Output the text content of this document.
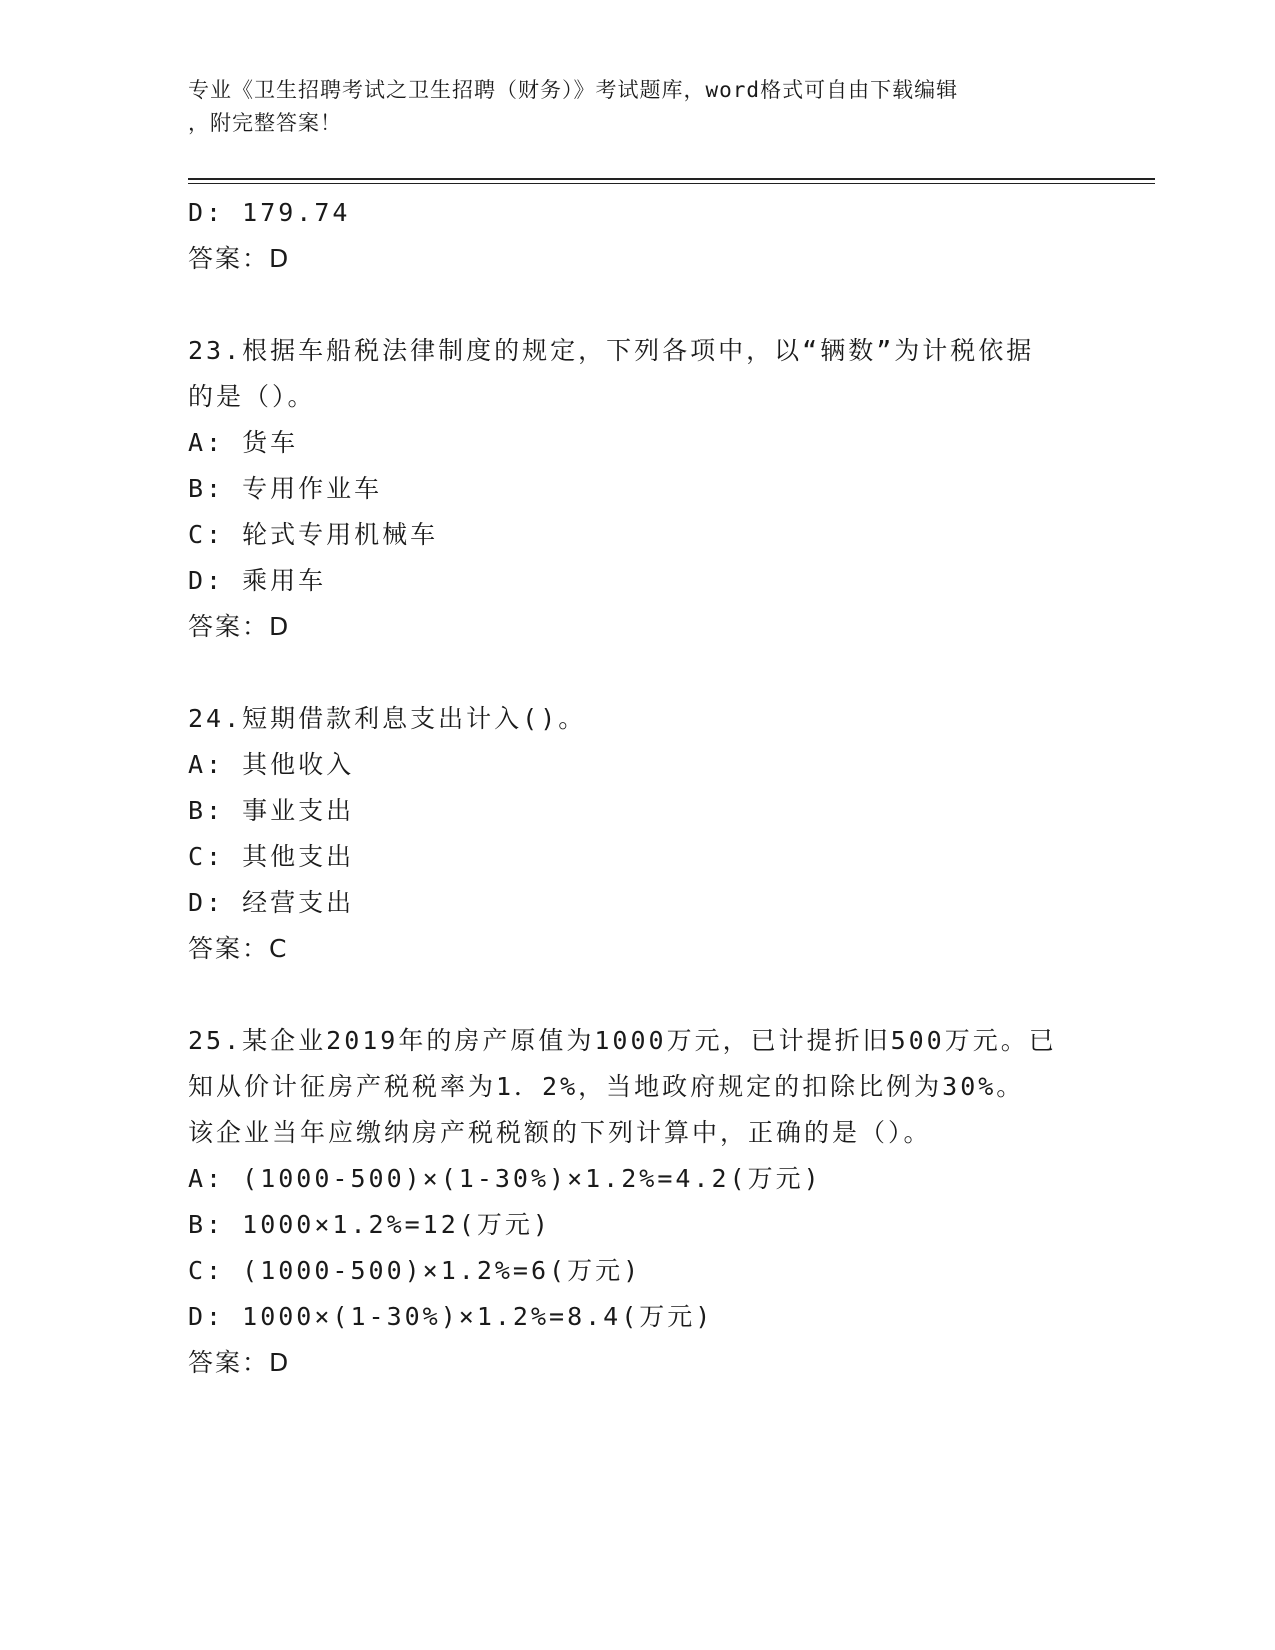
专业《卫生招聘考试之卫生招聘（财务）》考试题库，word格式可自由下载编辑
，附完整答案！
D: 179.74
答案：D
23.根据车船税法律制度的规定，下列各项中，以“辆数”为计税依据
的是（）。
A: 货车
B: 专用作业车
C: 轮式专用机械车
D: 乘用车
答案：D
24.短期借款利息支出计入()。
A: 其他收入
B: 事业支出
C: 其他支出
D: 经营支出
答案：C
25.某企业2019年的房产原值为1000万元，已计提折旧500万元。已
知从价计征房产税税率为1．2%，当地政府规定的扣除比例为30%。
该企业当年应缴纳房产税税额的下列计算中，正确的是（）。
A: (1000-500)×(1-30%)×1.2%=4.2(万元)
B: 1000×1.2%=12(万元)
C: (1000-500)×1.2%=6(万元)
D: 1000×(1-30%)×1.2%=8.4(万元)
答案：D
